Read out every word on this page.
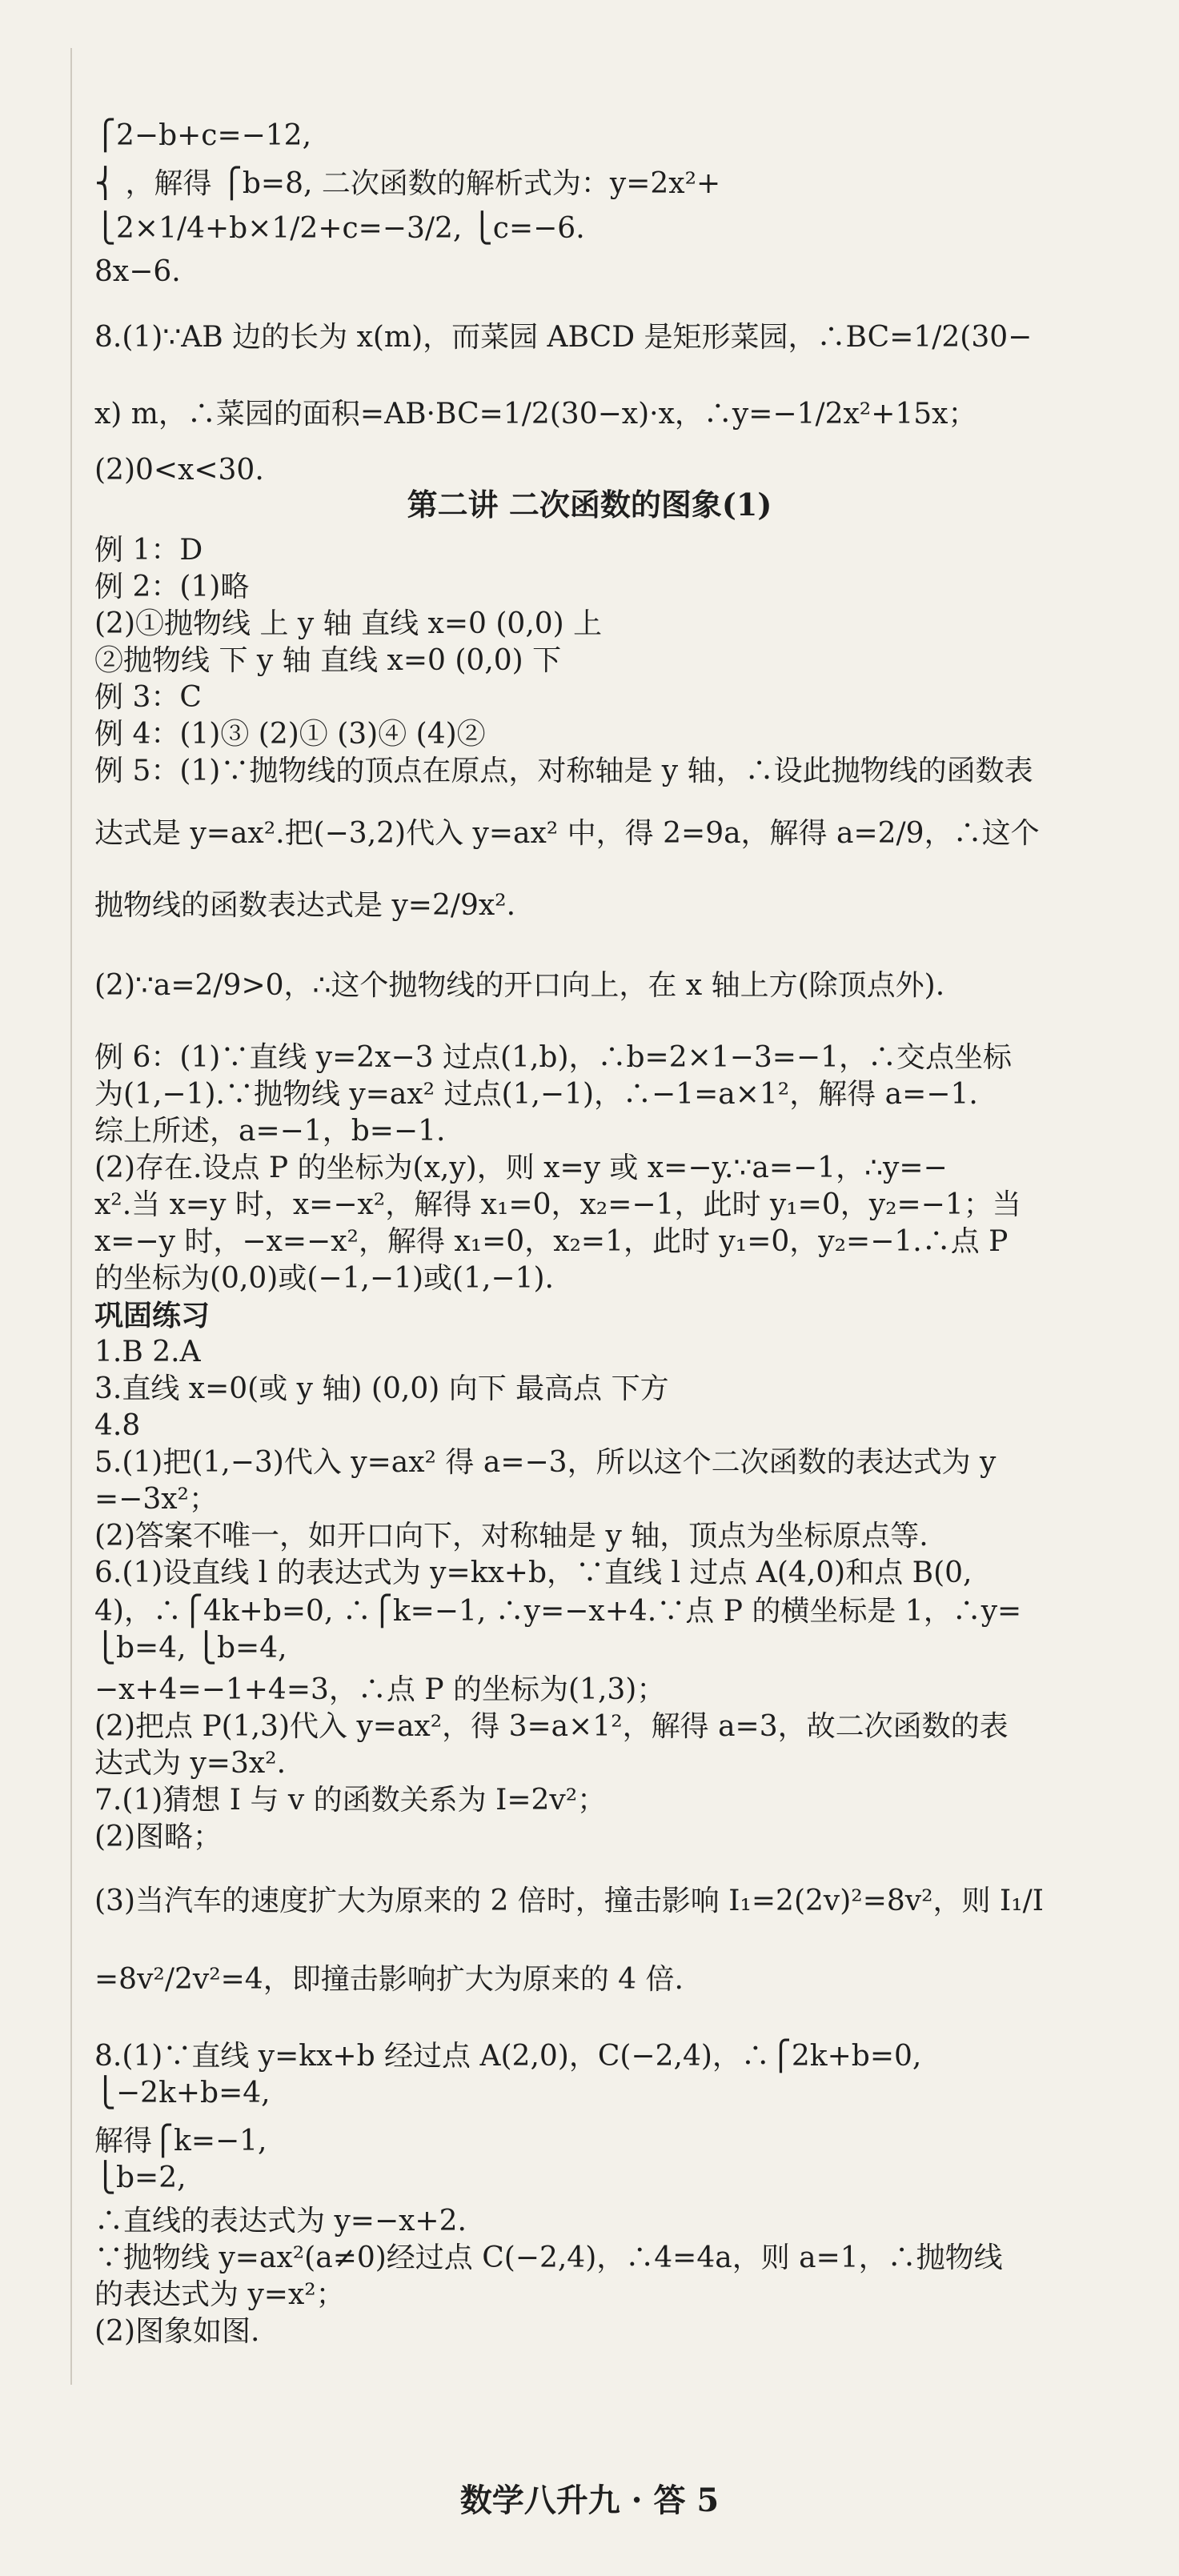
⎧2−b+c=−12,
⎨ ，解得 ⎧b=8, 二次函数的解析式为：y=2x²+
⎩2×1/4+b×1/2+c=−3/2, ⎩c=−6.
8x−6.
8.(1)∵AB 边的长为 x(m)，而菜园 ABCD 是矩形菜园，∴BC=1/2(30−
x) m，∴菜园的面积=AB·BC=1/2(30−x)·x，∴y=−1/2x²+15x；
(2)0<x<30.
例 1：D
例 2：(1)略
(2)①抛物线 上 y 轴 直线 x=0 (0,0) 上
②抛物线 下 y 轴 直线 x=0 (0,0) 下
例 3：C
例 4：(1)③ (2)① (3)④ (4)②
例 5：(1)∵抛物线的顶点在原点，对称轴是 y 轴，∴设此抛物线的函数表
达式是 y=ax².把(−3,2)代入 y=ax² 中，得 2=9a，解得 a=2/9，∴这个
抛物线的函数表达式是 y=2/9x².
(2)∵a=2/9>0，∴这个抛物线的开口向上，在 x 轴上方(除顶点外).
例 6：(1)∵直线 y=2x−3 过点(1,b)，∴b=2×1−3=−1，∴交点坐标
为(1,−1).∵抛物线 y=ax² 过点(1,−1)，∴−1=a×1²，解得 a=−1.
综上所述，a=−1，b=−1.
(2)存在.设点 P 的坐标为(x,y)，则 x=y 或 x=−y.∵a=−1，∴y=−
x².当 x=y 时，x=−x²，解得 x₁=0，x₂=−1，此时 y₁=0，y₂=−1；当
x=−y 时，−x=−x²，解得 x₁=0，x₂=1，此时 y₁=0，y₂=−1.∴点 P
的坐标为(0,0)或(−1,−1)或(1,−1).
巩固练习
1.B 2.A
3.直线 x=0(或 y 轴) (0,0) 向下 最高点 下方
4.8
5.(1)把(1,−3)代入 y=ax² 得 a=−3，所以这个二次函数的表达式为 y
=−3x²；
(2)答案不唯一，如开口向下，对称轴是 y 轴，顶点为坐标原点等.
6.(1)设直线 l 的表达式为 y=kx+b，∵直线 l 过点 A(4,0)和点 B(0,
4)，∴⎧4k+b=0, ∴⎧k=−1, ∴y=−x+4.∵点 P 的横坐标是 1，∴y=
⎩b=4, ⎩b=4,
−x+4=−1+4=3，∴点 P 的坐标为(1,3)；
(2)把点 P(1,3)代入 y=ax²，得 3=a×1²，解得 a=3，故二次函数的表
达式为 y=3x².
7.(1)猜想 I 与 v 的函数关系为 I=2v²；
(2)图略；
(3)当汽车的速度扩大为原来的 2 倍时，撞击影响 I₁=2(2v)²=8v²，则 I₁/I
=8v²/2v²=4，即撞击影响扩大为原来的 4 倍.
8.(1)∵直线 y=kx+b 经过点 A(2,0)，C(−2,4)，∴⎧2k+b=0,
⎩−2k+b=4,
解得⎧k=−1,
⎩b=2,
∴直线的表达式为 y=−x+2.
∵抛物线 y=ax²(a≠0)经过点 C(−2,4)，∴4=4a，则 a=1，∴抛物线
的表达式为 y=x²；
(2)图象如图.
第二讲 二次函数的图象(1)
数学八升九 · 答 5
